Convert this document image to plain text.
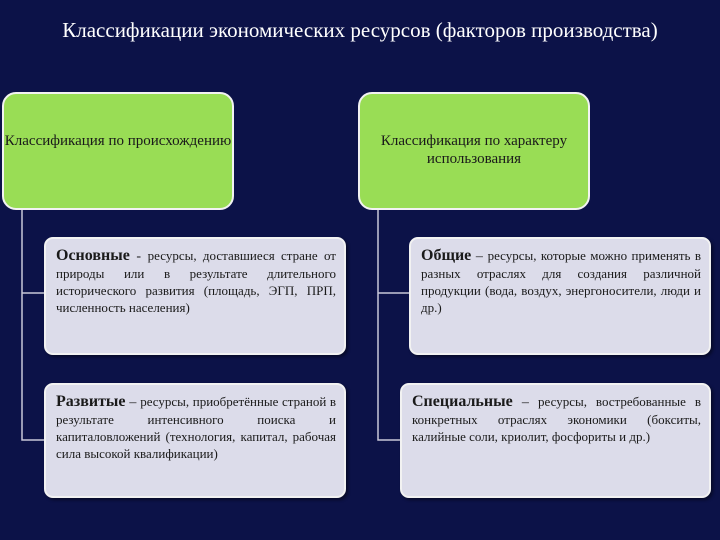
Классификации экономических ресурсов (факторов производства)
Классификация по происхождению	Классификация по характеру использования
Основные - ресурсы, доставшиеся стране от природы или в результате длительного исторического развития (площадь, ЭГП, ПРП, численность населения)
Развитые – ресурсы, приобретённые страной в результате интенсивного поиска и капиталовложений (технология, капитал, рабочая сила высокой квалификации)
Общие – ресурсы, которые можно применять в разных отраслях для создания различной продукции (вода, воздух, энергоносители, люди и др.)
Специальные – ресурсы, востребованные в конкретных отраслях экономики (бокситы, калийные соли, криолит, фосфориты и др.)
